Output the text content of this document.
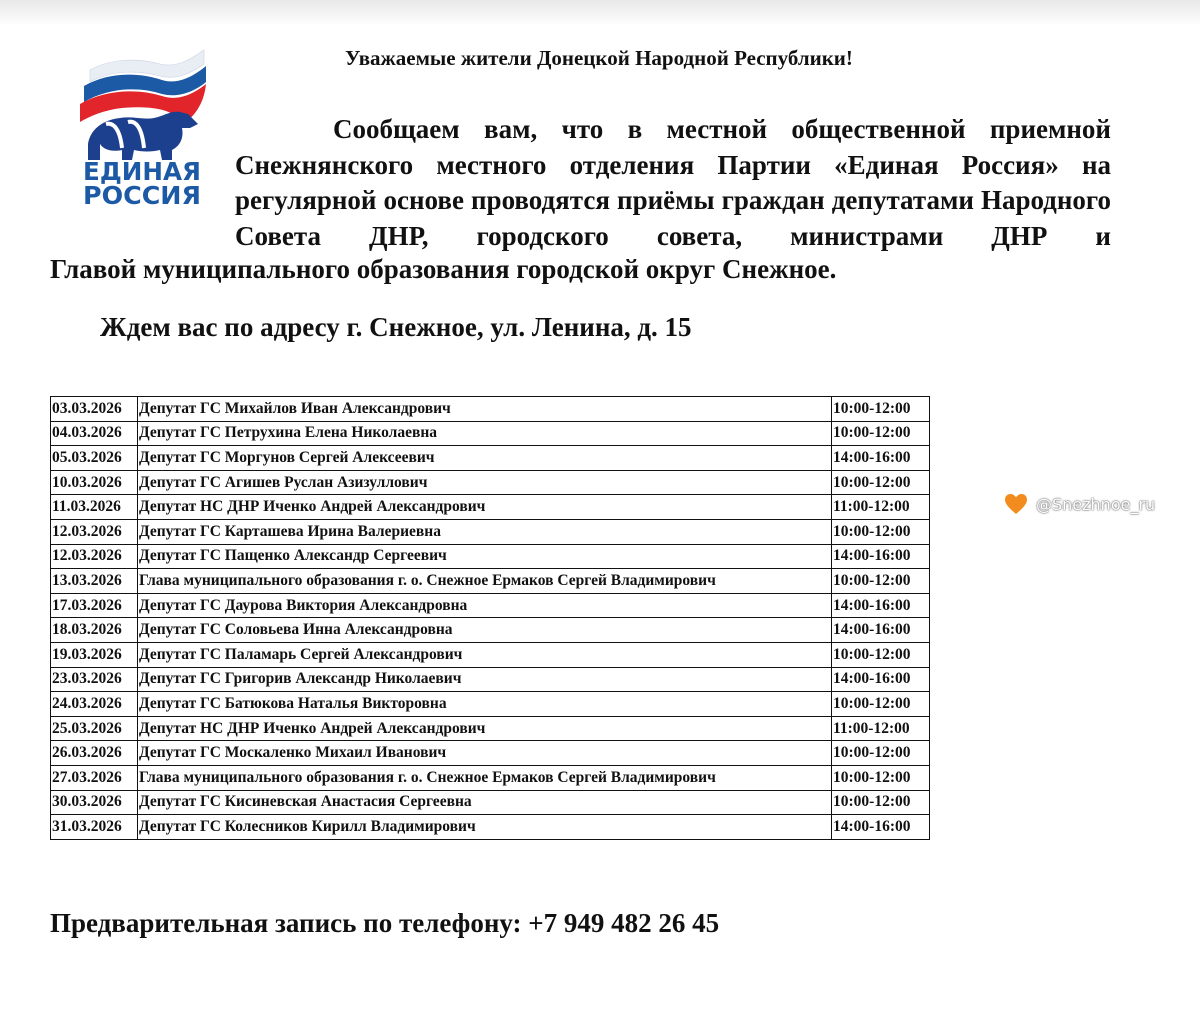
ЕДИНАЯ
РОССИЯ
Уважаемые жители Донецкой Народной Республики!

Сообщаем вам, что в местной общественной приемной Снежнянского местного отделения Партии «Единая Россия» на регулярной основе проводятся приёмы граждан депутатами Народного Совета ДНР, городского совета, министрами ДНР и

Главой муниципального образования городской округ Снежное.

Ждем вас по адресу г. Снежное, ул. Ленина, д. 15

03.03.2026	Депутат ГС Михайлов Иван Александрович	10:00-12:00
04.03.2026	Депутат ГС Петрухина Елена Николаевна	10:00-12:00
05.03.2026	Депутат ГС Моргунов Сергей Алексеевич	14:00-16:00
10.03.2026	Депутат ГС Агишев Руслан Азизуллович	10:00-12:00
11.03.2026	Депутат НС ДНР Иченко Андрей Александрович	11:00-12:00
12.03.2026	Депутат ГС Карташева Ирина Валериевна	10:00-12:00
12.03.2026	Депутат ГС Пащенко Александр Сергеевич	14:00-16:00
13.03.2026	Глава муниципального образования г. о. Снежное Ермаков Сергей Владимирович	10:00-12:00
17.03.2026	Депутат ГС Даурова Виктория Александровна	14:00-16:00
18.03.2026	Депутат ГС Соловьева Инна Александровна	14:00-16:00
19.03.2026	Депутат ГС Паламарь Сергей Александрович	10:00-12:00
23.03.2026	Депутат ГС Григорив Александр Николаевич	14:00-16:00
24.03.2026	Депутат ГС Батюкова Наталья Викторовна	10:00-12:00
25.03.2026	Депутат НС ДНР Иченко Андрей Александрович	11:00-12:00
26.03.2026	Депутат ГС Москаленко Михаил Иванович	10:00-12:00
27.03.2026	Глава муниципального образования г. о. Снежное Ермаков Сергей Владимирович	10:00-12:00
30.03.2026	Депутат ГС Кисиневская Анастасия Сергеевна	10:00-12:00
31.03.2026	Депутат ГС Колесников Кирилл Владимирович	14:00-16:00
@Snezhnoe_ru

Предварительная запись по телефону: +7 949 482 26 45
